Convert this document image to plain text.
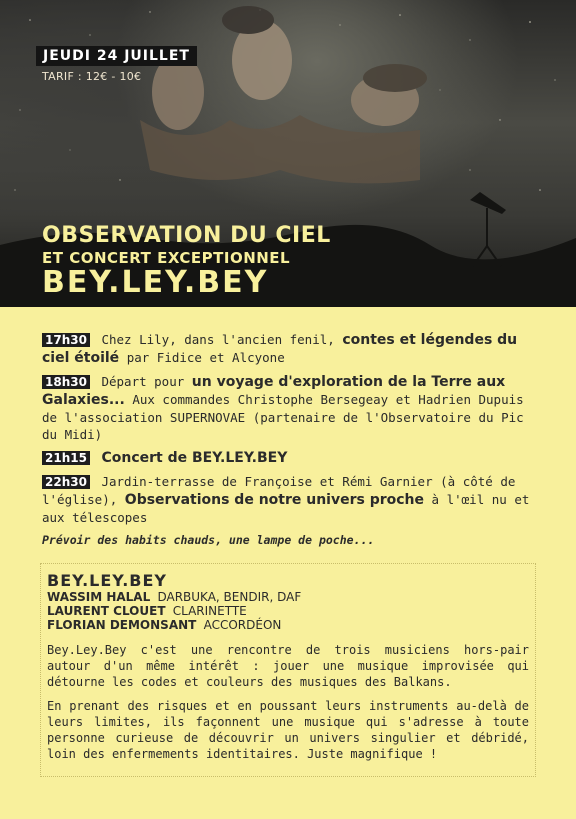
JEUDI 24 JUILLET
TARIF : 12€ - 10€
OBSERVATION DU CIEL
ET CONCERT EXCEPTIONNEL
BEY.LEY.BEY
17h30 Chez Lily, dans l'ancien fenil, contes et légendes du ciel étoilé par Fidice et Alcyone
18h30 Départ pour un voyage d'exploration de la Terre aux Galaxies... Aux commandes Christophe Bersegeay et Hadrien Dupuis de l'association SUPERNOVAE (partenaire de l'Observatoire du Pic du Midi)
21h15 Concert de BEY.LEY.BEY
22h30 Jardin-terrasse de Françoise et Rémi Garnier (à côté de l'église), Observations de notre univers proche à l'œil nu et aux télescopes
Prévoir des habits chauds, une lampe de poche...
BEY.LEY.BEY
WASSIM HALAL DARBUKA, BENDIR, DAF
LAURENT CLOUET CLARINETTE
FLORIAN DEMONSANT ACCORDÉON

Bey.Ley.Bey c'est une rencontre de trois musiciens hors-pair autour d'un même intérêt : jouer une musique improvisée qui détourne les codes et couleurs des musiques des Balkans.

En prenant des risques et en poussant leurs instruments au-delà de leurs limites, ils façonnent une musique qui s'adresse à toute personne curieuse de découvrir un univers singulier et débridé, loin des enfermements identitaires. Juste magnifique !
